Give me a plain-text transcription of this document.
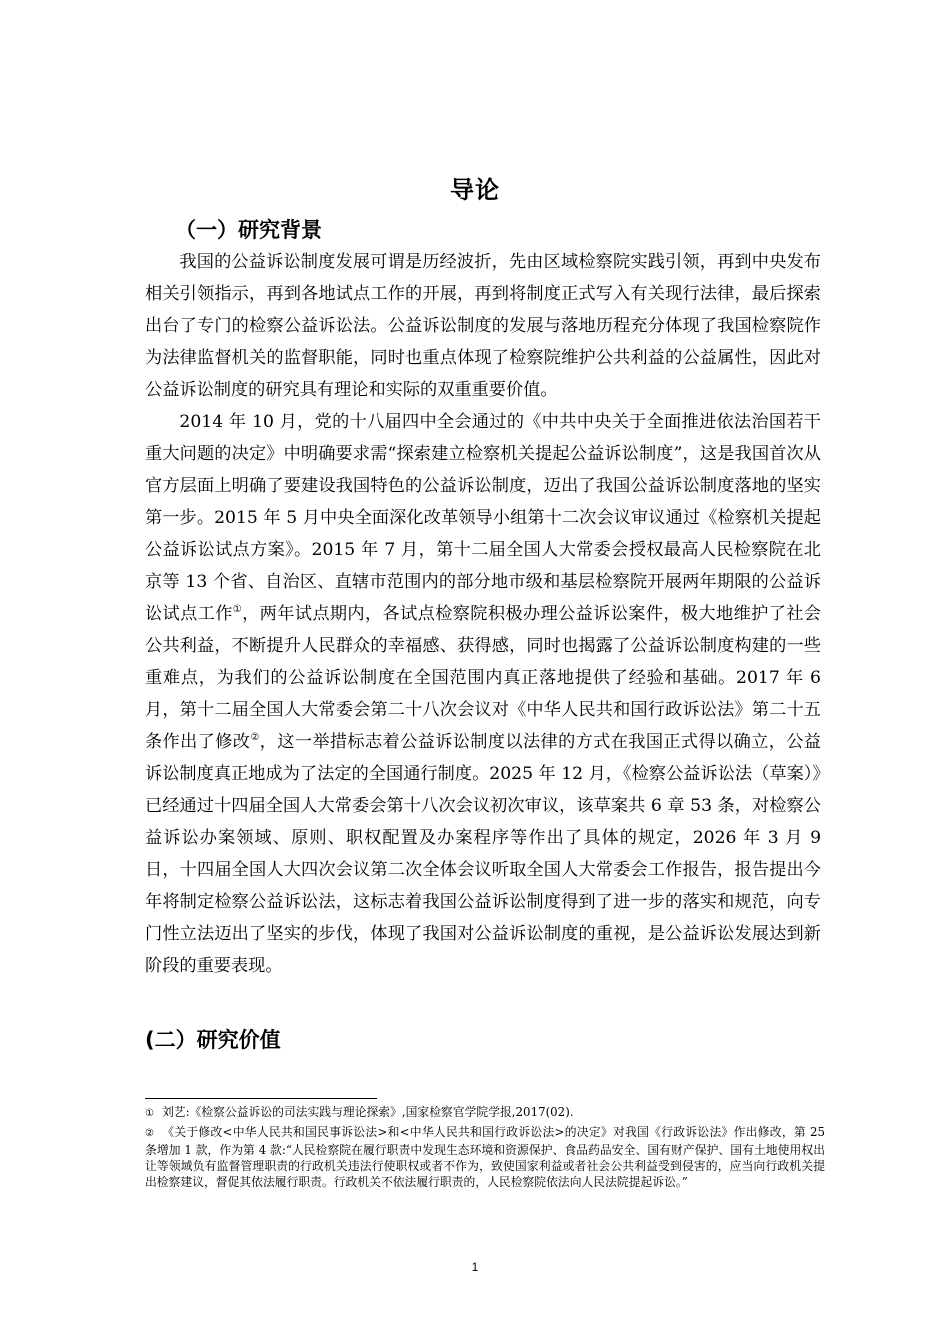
导论
（一）研究背景

我国的公益诉讼制度发展可谓是历经波折，先由区域检察院实践引领，再到中央发布相关引领指示，再到各地试点工作的开展，再到将制度正式写入有关现行法律，最后探索出台了专门的检察公益诉讼法。公益诉讼制度的发展与落地历程充分体现了我国检察院作为法律监督机关的监督职能，同时也重点体现了检察院维护公共利益的公益属性，因此对公益诉讼制度的研究具有理论和实际的双重重要价值。

2014 年 10 月，党的十八届四中全会通过的《中共中央关于全面推进依法治国若干重大问题的决定》中明确要求需“探索建立检察机关提起公益诉讼制度”，这是我国首次从官方层面上明确了要建设我国特色的公益诉讼制度，迈出了我国公益诉讼制度落地的坚实第一步。2015 年 5 月中央全面深化改革领导小组第十二次会议审议通过《检察机关提起公益诉讼试点方案》。2015 年 7 月，第十二届全国人大常委会授权最高人民检察院在北京等 13 个省、自治区、直辖市范围内的部分地市级和基层检察院开展两年期限的公益诉讼试点工作①，两年试点期内，各试点检察院积极办理公益诉讼案件，极大地维护了社会公共利益，不断提升人民群众的幸福感、获得感，同时也揭露了公益诉讼制度构建的一些重难点，为我们的公益诉讼制度在全国范围内真正落地提供了经验和基础。2017 年 6 月，第十二届全国人大常委会第二十八次会议对《中华人民共和国行政诉讼法》第二十五条作出了修改②，这一举措标志着公益诉讼制度以法律的方式在我国正式得以确立，公益诉讼制度真正地成为了法定的全国通行制度。2025 年 12 月，《检察公益诉讼法（草案）》已经通过十四届全国人大常委会第十八次会议初次审议，该草案共 6 章 53 条，对检察公益诉讼办案领域、原则、职权配置及办案程序等作出了具体的规定，2026 年 3 月 9 日，十四届全国人大四次会议第二次全体会议听取全国人大常委会工作报告，报告提出今年将制定检察公益诉讼法，这标志着我国公益诉讼制度得到了进一步的落实和规范，向专门性立法迈出了坚实的步伐，体现了我国对公益诉讼制度的重视，是公益诉讼发展达到新阶段的重要表现。

(二）研究价值
① 刘艺:《检察公益诉讼的司法实践与理论探索》,国家检察官学院学报,2017(02).
② 《关于修改<中华人民共和国民事诉讼法>和<中华人民共和国行政诉讼法>的决定》对我国《行政诉讼法》作出修改，第 25 条增加 1 款，作为第 4 款:“人民检察院在履行职责中发现生态环境和资源保护、食品药品安全、国有财产保护、国有土地使用权出让等领域负有监督管理职责的行政机关违法行使职权或者不作为，致使国家利益或者社会公共利益受到侵害的，应当向行政机关提出检察建议，督促其依法履行职责。行政机关不依法履行职责的，人民检察院依法向人民法院提起诉讼。”
1
